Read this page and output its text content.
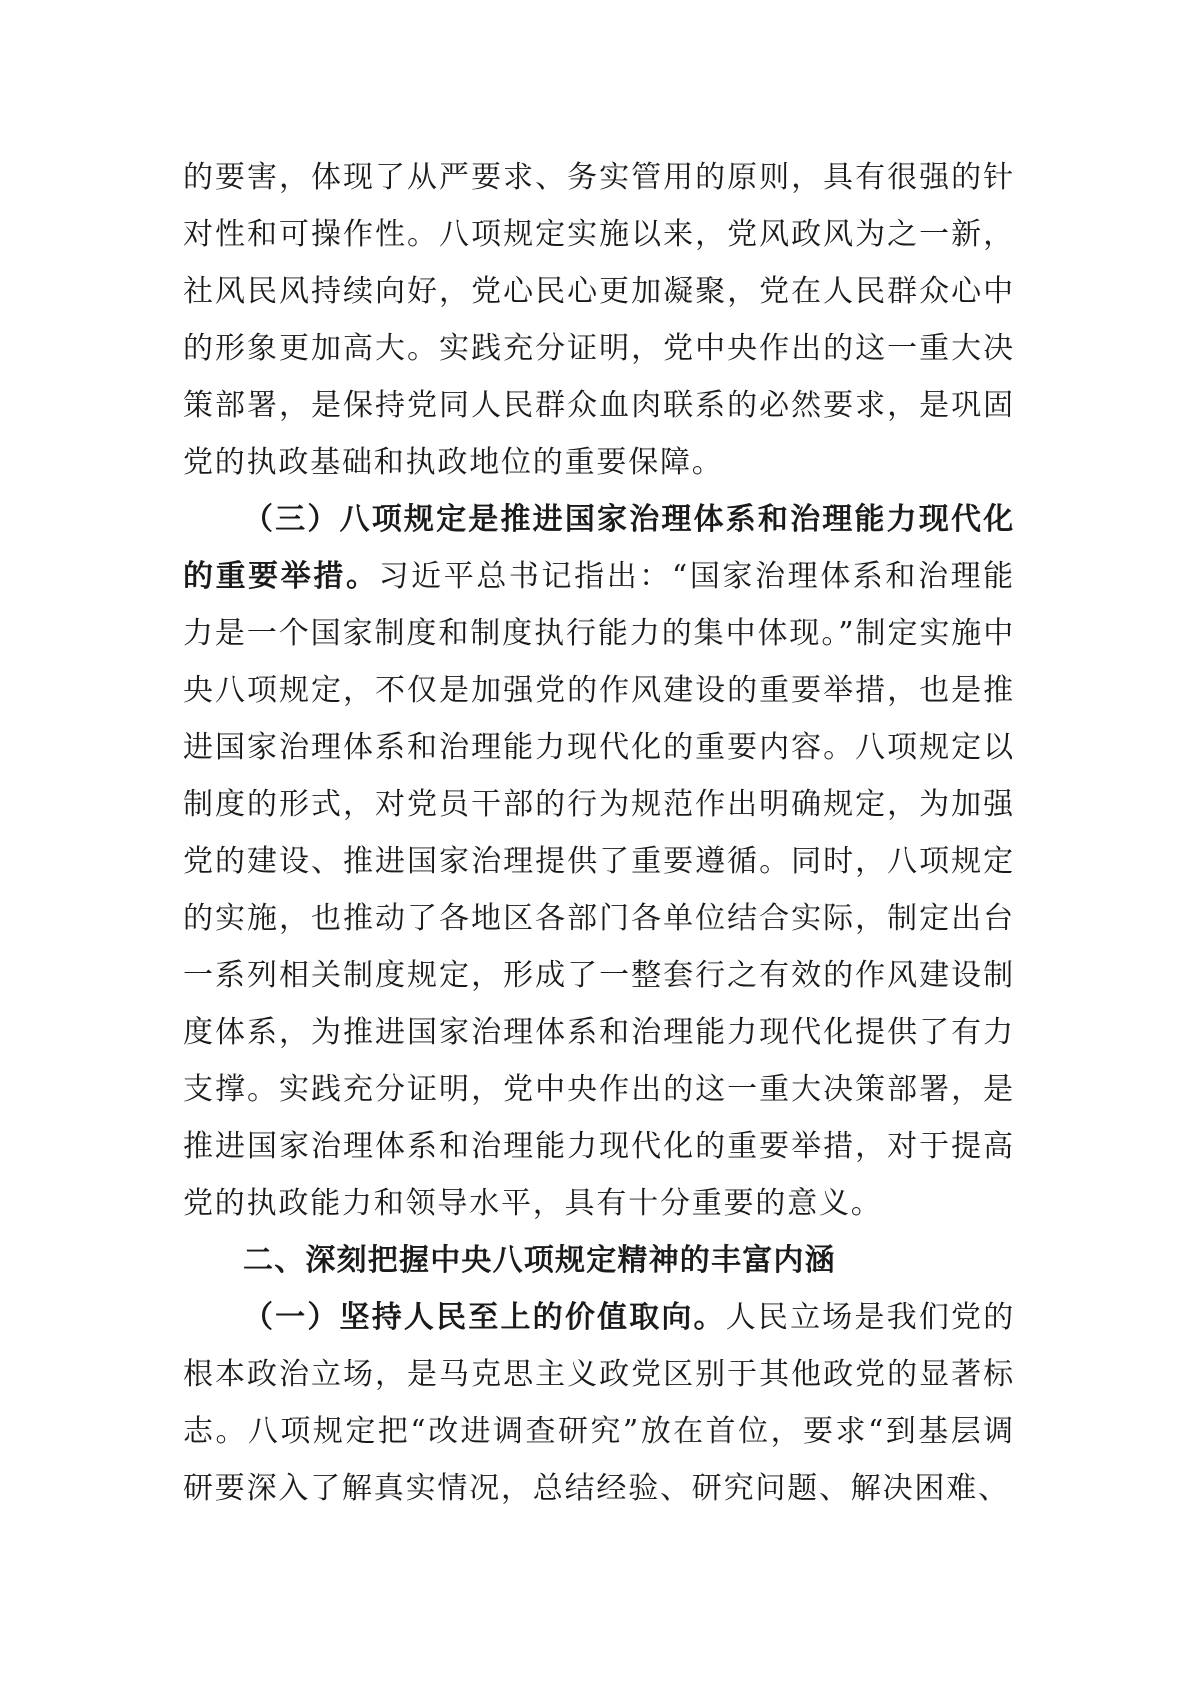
的要害，体现了从严要求、务实管用的原则，具有很强的针对性和可操作性。八项规定实施以来，党风政风为之一新，社风民风持续向好，党心民心更加凝聚，党在人民群众心中的形象更加高大。实践充分证明，党中央作出的这一重大决策部署，是保持党同人民群众血肉联系的必然要求，是巩固党的执政基础和执政地位的重要保障。

（三）八项规定是推进国家治理体系和治理能力现代化的重要举措。习近平总书记指出：“国家治理体系和治理能力是一个国家制度和制度执行能力的集中体现。”制定实施中央八项规定，不仅是加强党的作风建设的重要举措，也是推进国家治理体系和治理能力现代化的重要内容。八项规定以制度的形式，对党员干部的行为规范作出明确规定，为加强党的建设、推进国家治理提供了重要遵循。同时，八项规定的实施，也推动了各地区各部门各单位结合实际，制定出台一系列相关制度规定，形成了一整套行之有效的作风建设制度体系，为推进国家治理体系和治理能力现代化提供了有力支撑。实践充分证明，党中央作出的这一重大决策部署，是推进国家治理体系和治理能力现代化的重要举措，对于提高党的执政能力和领导水平，具有十分重要的意义。

二、深刻把握中央八项规定精神的丰富内涵

（一）坚持人民至上的价值取向。人民立场是我们党的根本政治立场，是马克思主义政党区别于其他政党的显著标志。八项规定把“改进调查研究”放在首位，要求“到基层调研要深入了解真实情况，总结经验、研究问题、解决困难、
